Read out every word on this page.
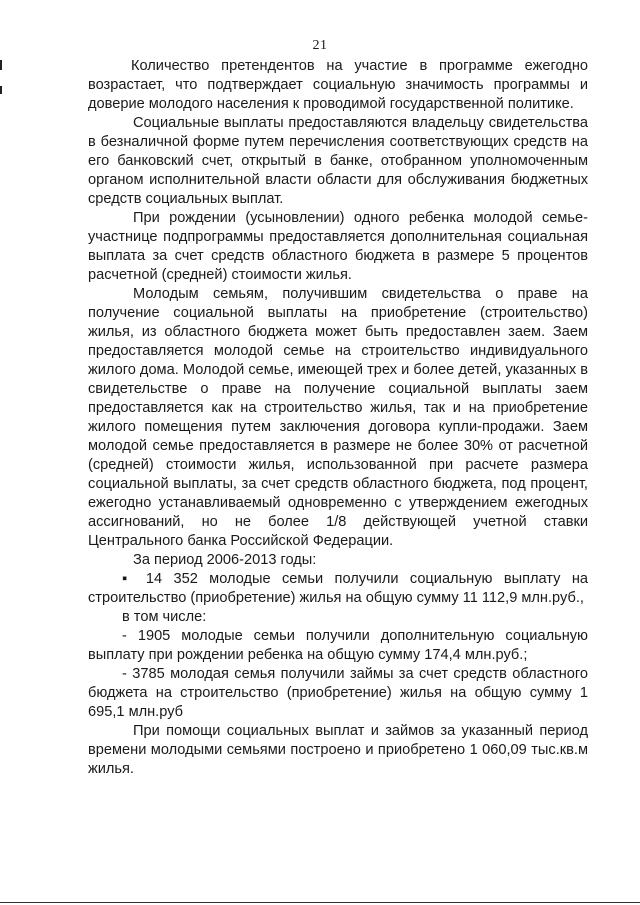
21

Количество претендентов на участие в программе ежегодно возрастает, что подтверждает социальную значимость программы и доверие молодого населения к проводимой государственной политике.

Социальные выплаты предоставляются владельцу свидетельства в безналичной форме путем перечисления соответствующих средств на его банковский счет, открытый в банке, отобранном уполномоченным органом исполнительной власти области для обслуживания бюджетных средств социальных выплат.

При рождении (усыновлении) одного ребенка молодой семье-участнице подпрограммы предоставляется дополнительная социальная выплата за счет средств областного бюджета в размере 5 процентов расчетной (средней) стоимости жилья.

Молодым семьям, получившим свидетельства о праве на получение социальной выплаты на приобретение (строительство) жилья, из областного бюджета может быть предоставлен заем. Заем предоставляется молодой семье на строительство индивидуального жилого дома. Молодой семье, имеющей трех и более детей, указанных в свидетельстве о праве на получение социальной выплаты заем предоставляется как на строительство жилья, так и на приобретение жилого помещения путем заключения договора купли-продажи. Заем молодой семье предоставляется в размере не более 30% от расчетной (средней) стоимости жилья, использованной при расчете размера социальной выплаты, за счет средств областного бюджета, под процент, ежегодно устанавливаемый одновременно с утверждением ежегодных ассигнований, но не более 1/8 действующей учетной ставки Центрального банка Российской Федерации.

За период 2006-2013 годы:

▪ 14 352 молодые семьи получили социальную выплату на строительство (приобретение) жилья на общую сумму 11 112,9 млн.руб.,

в том числе:

- 1905 молодые семьи получили дополнительную социальную выплату при рождении ребенка на общую сумму 174,4 млн.руб.;

- 3785 молодая семья получили займы за счет средств областного бюджета на строительство (приобретение) жилья на общую сумму 1 695,1 млн.руб

При помощи социальных выплат и займов за указанный период времени молодыми семьями построено и приобретено 1 060,09 тыс.кв.м жилья.
